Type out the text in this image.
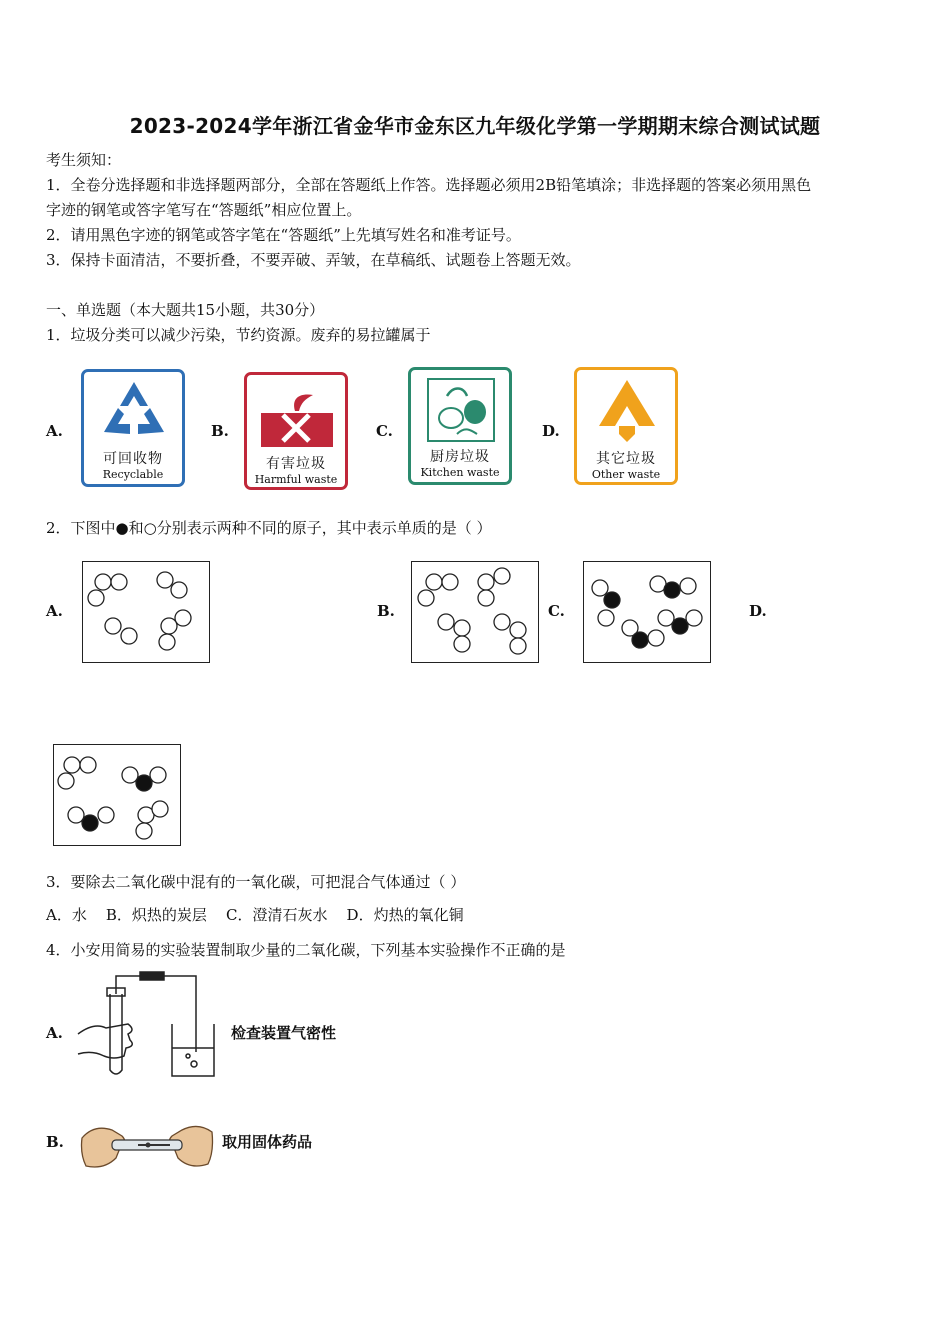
2023-2024学年浙江省金华市金东区九年级化学第一学期期末综合测试试题
考生须知：
1．全卷分选择题和非选择题两部分，全部在答题纸上作答。选择题必须用2B铅笔填涂；非选择题的答案必须用黑色
字迹的钢笔或答字笔写在“答题纸”相应位置上。
2．请用黑色字迹的钢笔或答字笔在“答题纸”上先填写姓名和准考证号。
3．保持卡面清洁，不要折叠，不要弄破、弄皱，在草稿纸、试题卷上答题无效。
一、单选题（本大题共15小题，共30分）
1．垃圾分类可以减少污染，节约资源。废弃的易拉罐属于
A.
可回收物
Recyclable
B.
有害垃圾
Harmful waste
C.
厨房垃圾
Kitchen waste
D.
其它垃圾
Other waste
2．下图中●和○分别表示两种不同的原子，其中表示单质的是（ ）
A.	B.	C.	D.
3．要除去二氧化碳中混有的一氧化碳，可把混合气体通过（ ）
A．水    B．炽热的炭层    C．澄清石灰水    D．灼热的氧化铜
4．小安用简易的实验装置制取少量的二氧化碳，下列基本实验操作不正确的是
A.	检查装置气密性
B.	取用固体药品
